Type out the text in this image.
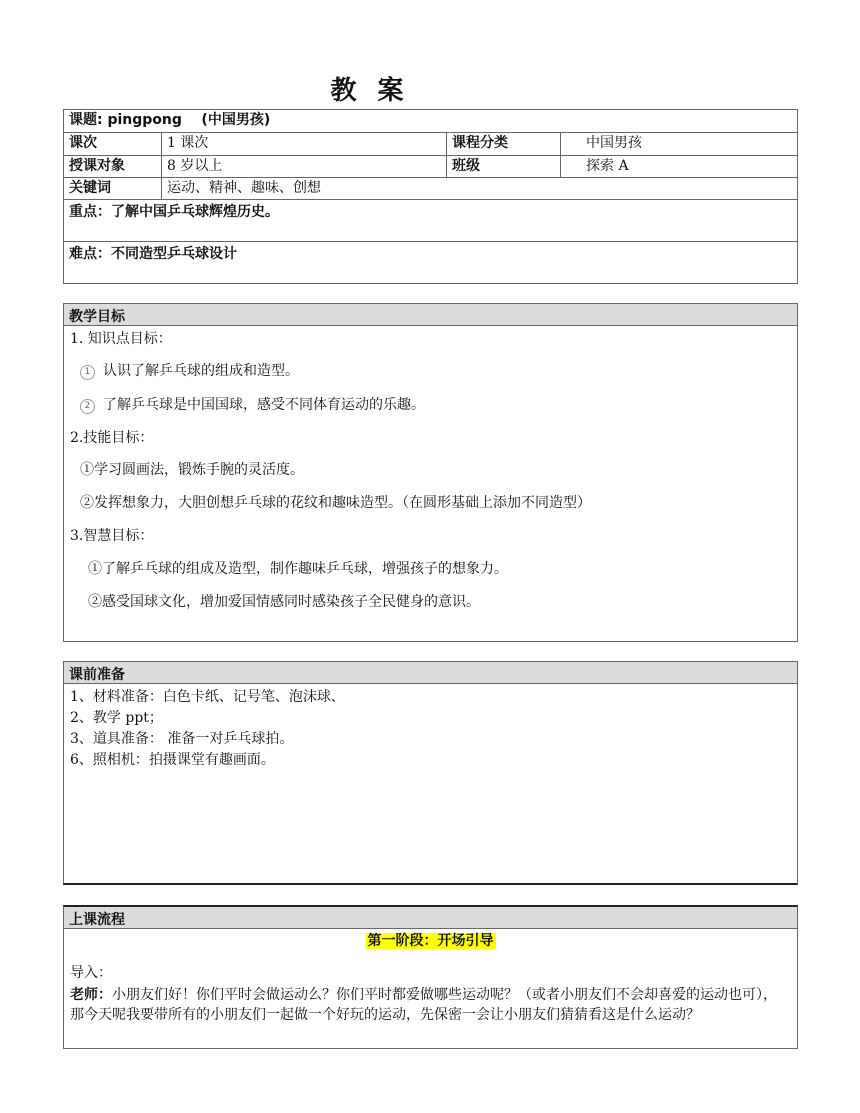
教 案
课题: pingpong (中国男孩)
课次	1 课次	课程分类	中国男孩
授课对象	8 岁以上	班级	探索 A
关键词	运动、精神、趣味、创想
重点：了解中国乒乓球辉煌历史。
难点：不同造型乒乓球设计
教学目标
1. 知识点目标：
1 认识了解乒乓球的组成和造型。
2 了解乒乓球是中国国球，感受不同体育运动的乐趣。
2.技能目标：
①学习圆画法，锻炼手腕的灵活度。
②发挥想象力，大胆创想乒乓球的花纹和趣味造型。（在圆形基础上添加不同造型）
3.智慧目标：
①了解乒乓球的组成及造型，制作趣味乒乓球，增强孩子的想象力。
②感受国球文化，增加爱国情感同时感染孩子全民健身的意识。
课前准备
1、材料准备：白色卡纸、记号笔、泡沫球、
2、教学 ppt；
3、道具准备： 准备一对乒乓球拍。
6、照相机：拍摄课堂有趣画面。
上课流程
第一阶段：开场引导
导入：
老师：小朋友们好！你们平时会做运动么？你们平时都爱做哪些运动呢？（或者小朋友们不会却喜爱的运动也可），那今天呢我要带所有的小朋友们一起做一个好玩的运动，先保密一会让小朋友们猜猜看这是什么运动？
